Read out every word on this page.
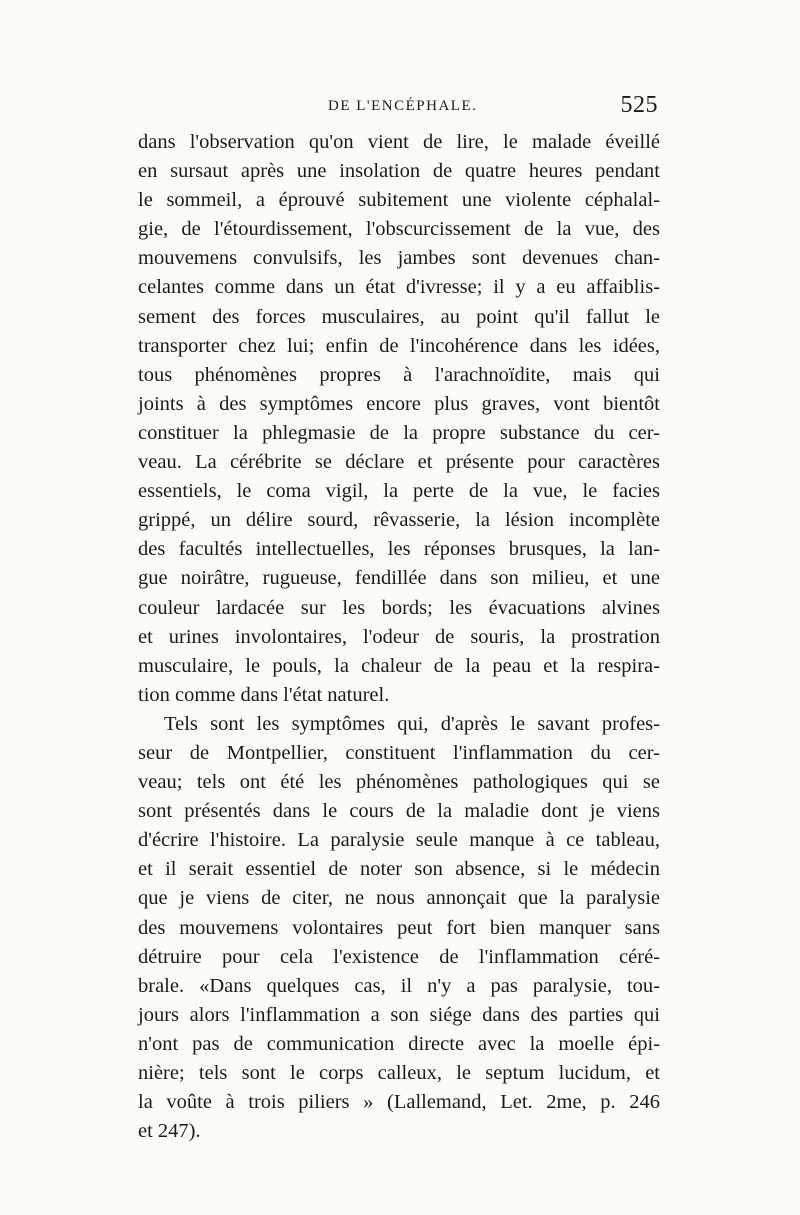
DE L'ENCÉPHALE.	525
dans l'observation qu'on vient de lire, le malade éveillé
en sursaut après une insolation de quatre heures pendant
le sommeil, a éprouvé subitement une violente céphalal-
gie, de l'étourdissement, l'obscurcissement de la vue, des
mouvemens convulsifs, les jambes sont devenues chan-
celantes comme dans un état d'ivresse; il y a eu affaiblis-
sement des forces musculaires, au point qu'il fallut le
transporter chez lui; enfin de l'incohérence dans les idées,
tous phénomènes propres à l'arachnoïdite, mais qui
joints à des symptômes encore plus graves, vont bientôt
constituer la phlegmasie de la propre substance du cer-
veau. La cérébrite se déclare et présente pour caractères
essentiels, le coma vigil, la perte de la vue, le facies
grippé, un délire sourd, rêvasserie, la lésion incomplète
des facultés intellectuelles, les réponses brusques, la lan-
gue noirâtre, rugueuse, fendillée dans son milieu, et une
couleur lardacée sur les bords; les évacuations alvines
et urines involontaires, l'odeur de souris, la prostration
musculaire, le pouls, la chaleur de la peau et la respira-
tion comme dans l'état naturel.
Tels sont les symptômes qui, d'après le savant profes-
seur de Montpellier, constituent l'inflammation du cer-
veau; tels ont été les phénomènes pathologiques qui se
sont présentés dans le cours de la maladie dont je viens
d'écrire l'histoire. La paralysie seule manque à ce tableau,
et il serait essentiel de noter son absence, si le médecin
que je viens de citer, ne nous annonçait que la paralysie
des mouvemens volontaires peut fort bien manquer sans
détruire pour cela l'existence de l'inflammation céré-
brale. «Dans quelques cas, il n'y a pas paralysie, tou-
jours alors l'inflammation a son siége dans des parties qui
n'ont pas de communication directe avec la moelle épi-
nière; tels sont le corps calleux, le septum lucidum, et
la voûte à trois piliers » (Lallemand, Let. 2me, p. 246
et 247).
